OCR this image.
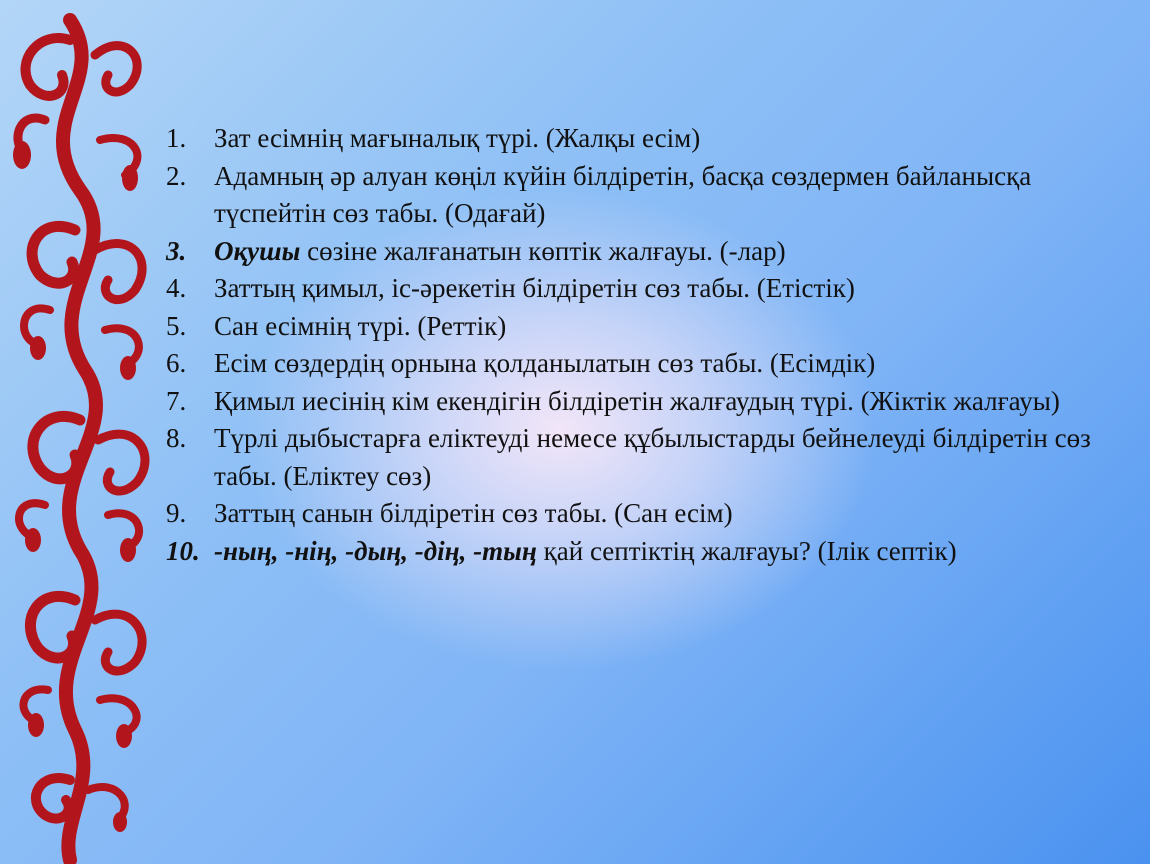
1. Зат есімнің мағыналық түрі. (Жалқы есім)
2. Адамның әр алуан көңіл күйін білдіретін, басқа сөздермен байланысқа түспейтін сөз табы. (Одағай)
3. Оқушы сөзіне жалғанатын көптік жалғауы. (-лар)
4. Заттың қимыл, іс-әрекетін білдіретін сөз табы. (Етістік)
5. Сан есімнің түрі. (Реттік)
6. Есім сөздердің орнына қолданылатын сөз табы. (Есімдік)
7. Қимыл иесінің кім екендігін білдіретін жалғаудың түрі. (Жіктік жалғауы)
8. Түрлі дыбыстарға еліктеуді немесе құбылыстарды бейнелеуді білдіретін сөз табы. (Еліктеу сөз)
9. Заттың санын білдіретін сөз табы. (Сан есім)
10. -ның, -нің, -дың, -дің, -тың қай септіктің жалғауы? (Ілік септік)
